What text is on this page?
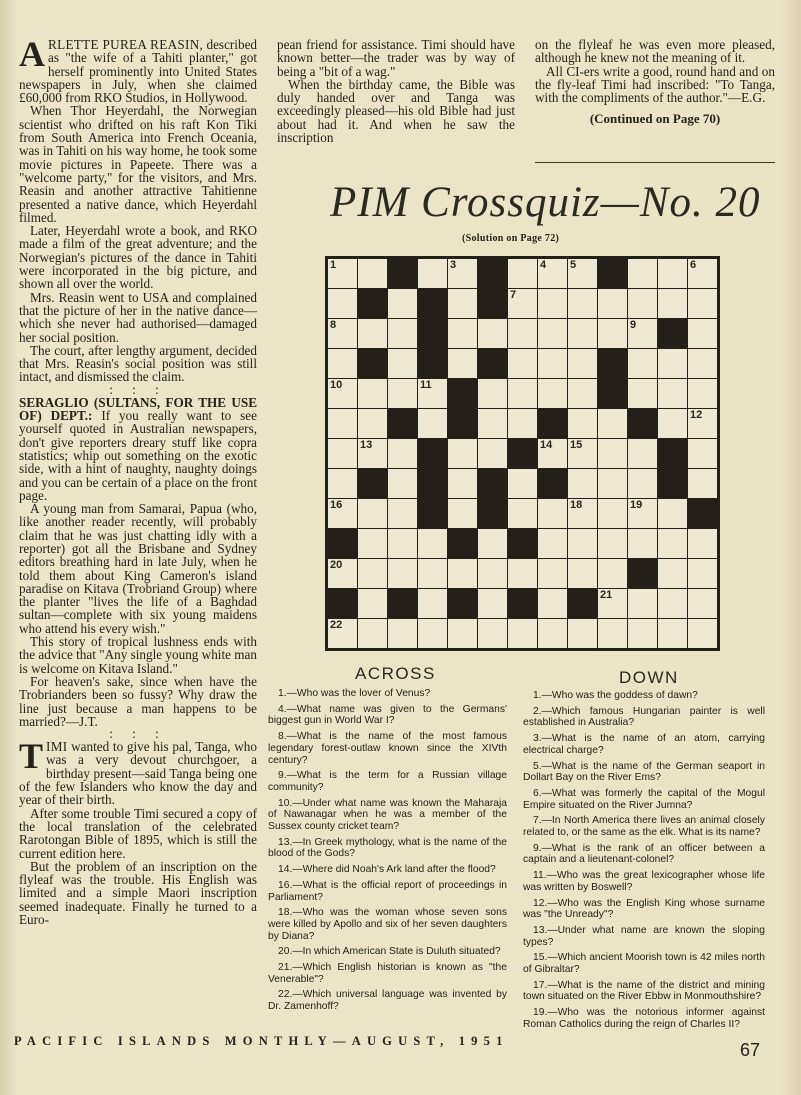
ARLETTE PUREA REASIN, described as "the wife of a Tahiti planter," got herself prominently into United States newspapers in July, when she claimed £60,000 from RKO Studios, in Hollywood.

When Thor Heyerdahl, the Norwegian scientist who drifted on his raft Kon Tiki from South America into French Oceania, was in Tahiti on his way home, he took some movie pictures in Papeete. There was a "welcome party," for the visitors, and Mrs. Reasin and another attractive Tahitienne presented a native dance, which Heyerdahl filmed.

Later, Heyerdahl wrote a book, and RKO made a film of the great adventure; and the Norwegian's pictures of the dance in Tahiti were incorporated in the big picture, and shown all over the world.

Mrs. Reasin went to USA and complained that the picture of her in the native dance—which she never had authorised—damaged her social position.

The court, after lengthy argument, decided that Mrs. Reasin's social position was still intact, and dismissed the claim.

: : :

SERAGLIO (SULTANS, FOR THE USE OF) DEPT.: If you really want to see yourself quoted in Australian newspapers, don't give reporters dreary stuff like copra statistics; whip out something on the exotic side, with a hint of naughty, naughty doings and you can be certain of a place on the front page.

A young man from Samarai, Papua (who, like another reader recently, will probably claim that he was just chatting idly with a reporter) got all the Brisbane and Sydney editors breathing hard in late July, when he told them about King Cameron's island paradise on Kitava (Trobriand Group) where the planter "lives the life of a Baghdad sultan—complete with six young maidens who attend his every wish."

This story of tropical lushness ends with the advice that "Any single young white man is welcome on Kitava Island."

For heaven's sake, since when have the Trobrianders been so fussy? Why draw the line just because a man happens to be married?—J.T.

: : :

TIMI wanted to give his pal, Tanga, who was a very devout churchgoer, a birthday present—said Tanga being one of the few Islanders who know the day and year of their birth.

After some trouble Timi secured a copy of the local translation of the celebrated Rarotongan Bible of 1895, which is still the current edition here.

But the problem of an inscription on the flyleaf was the trouble. His English was limited and a simple Maori inscription seemed inadequate. Finally he turned to a Euro-

pean friend for assistance. Timi should have known better—the trader was by way of being a "bit of a wag."

When the birthday came, the Bible was duly handed over and Tanga was exceedingly pleased—his old Bible had just about had it. And when he saw the inscription

on the flyleaf he was even more pleased, although he knew not the meaning of it.

All CI-ers write a good, round hand and on the fly-leaf Timi had inscribed: "To Tanga, with the compliments of the author."—E.G.

(Continued on Page 70)
PIM Crossquiz—No. 20
(Solution on Page 72)
1	3	4 5	6
7
8	9
10	11
12
13	14 15
16	18	19
20
21
22
ACROSS

1.—Who was the lover of Venus?

4.—What name was given to the Germans' biggest gun in World War I?

8.—What is the name of the most famous legendary forest-outlaw known since the XIVth century?

9.—What is the term for a Russian village community?

10.—Under what name was known the Maharaja of Nawanagar when he was a member of the Sussex county cricket team?

13.—In Greek mythology, what is the name of the blood of the Gods?

14.—Where did Noah's Ark land after the flood?

16.—What is the official report of proceedings in Parliament?

18.—Who was the woman whose seven sons were killed by Apollo and six of her seven daughters by Diana?

20.—In which American State is Duluth situated?

21.—Which English historian is known as "the Venerable"?

22.—Which universal language was invented by Dr. Zamenhoff?

DOWN

1.—Who was the goddess of dawn?

2.—Which famous Hungarian painter is well established in Australia?

3.—What is the name of an atom, carrying electrical charge?

5.—What is the name of the German seaport in Dollart Bay on the River Ems?

6.—What was formerly the capital of the Mogul Empire situated on the River Jumna?

7.—In North America there lives an animal closely related to, or the same as the elk. What is its name?

9.—What is the rank of an officer between a captain and a lieutenant-colonel?

11.—Who was the great lexicographer whose life was written by Boswell?

12.—Who was the English King whose surname was "the Unready"?

13.—Under what name are known the sloping types?

15.—Which ancient Moorish town is 42 miles north of Gibraltar?

17.—What is the name of the district and mining town situated on the River Ebbw in Monmouthshire?

19.—Who was the notorious informer against Roman Catholics during the reign of Charles II?

PACIFIC ISLANDS MONTHLY—AUGUST, 1951	67
